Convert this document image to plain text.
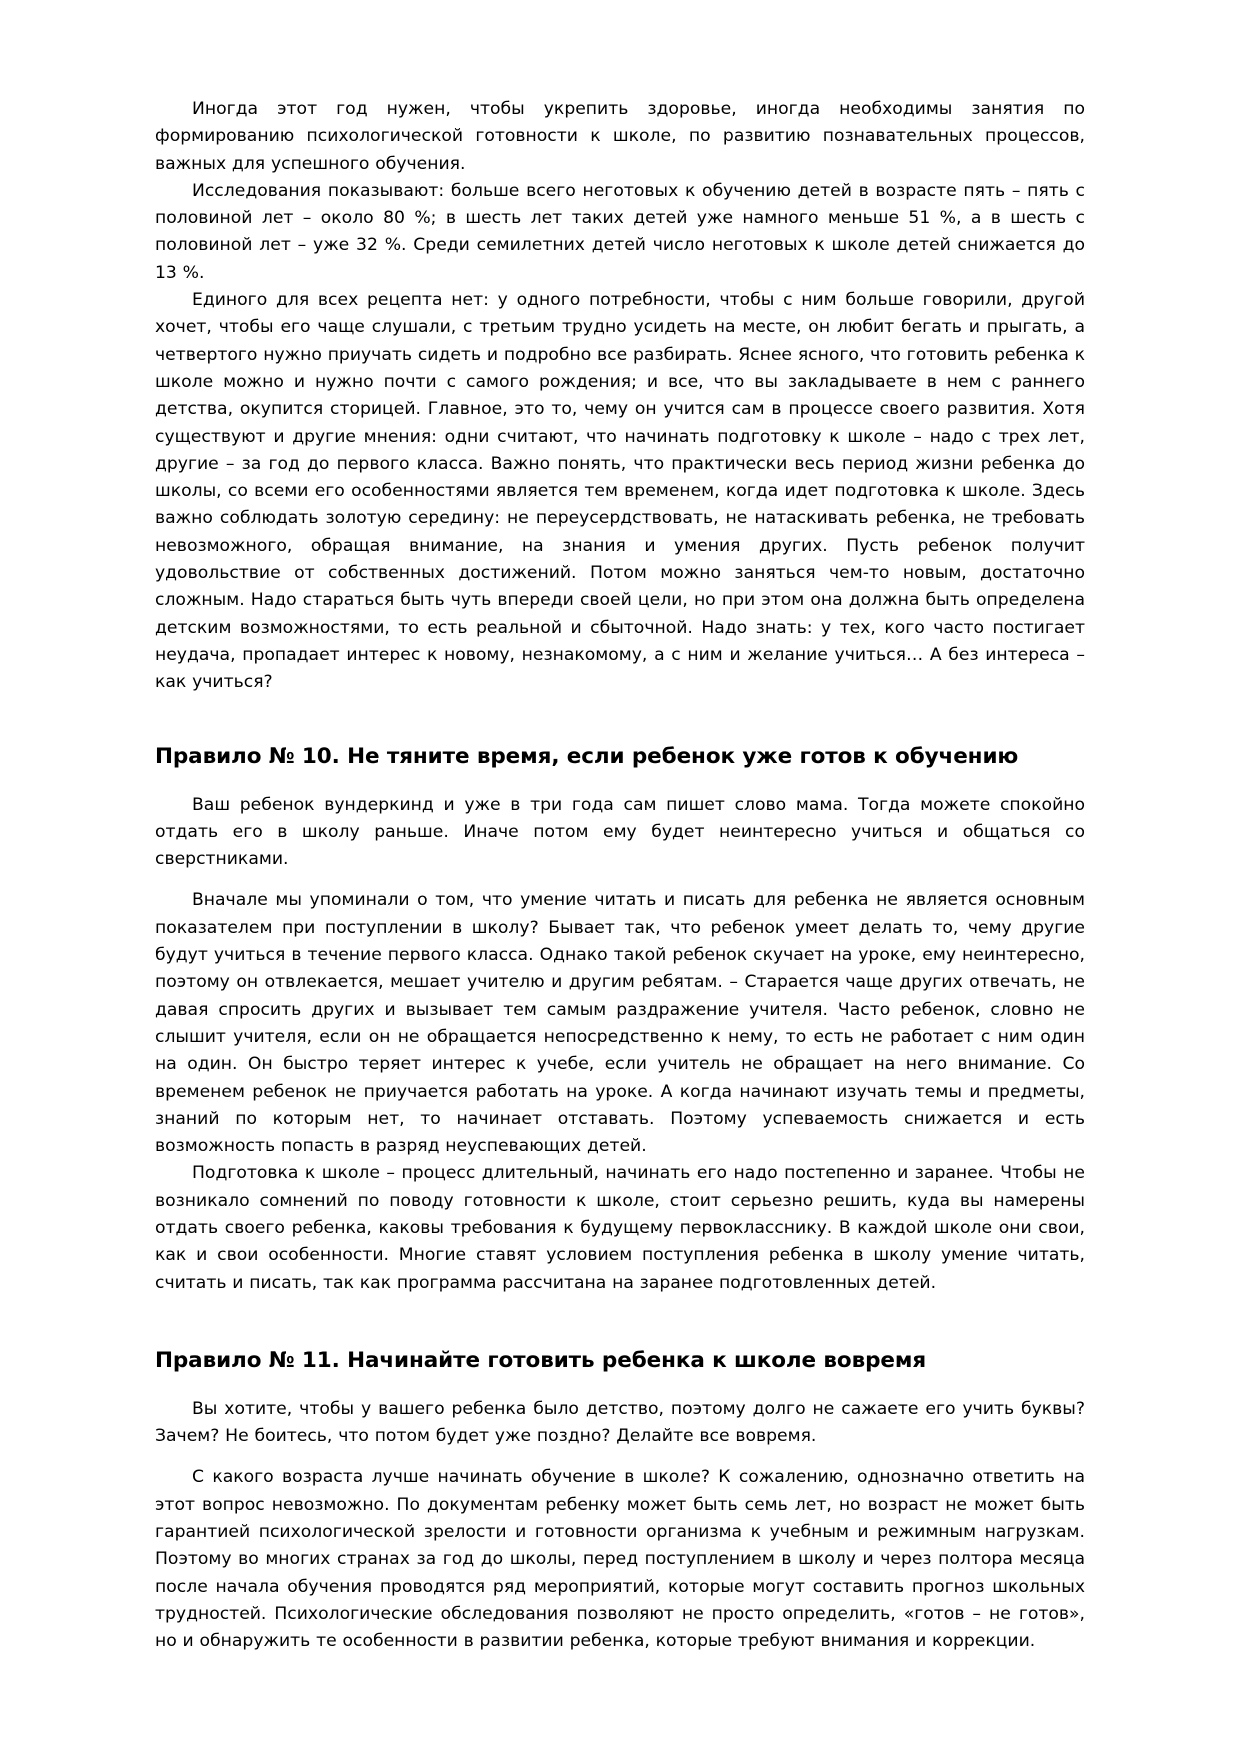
Иногда этот год нужен, чтобы укрепить здоровье, иногда необходимы занятия по формированию психологической готовности к школе, по развитию познавательных процессов, важных для успешного обучения.

Исследования показывают: больше всего неготовых к обучению детей в возрасте пять – пять с половиной лет – около 80 %; в шесть лет таких детей уже намного меньше 51 %, а в шесть с половиной лет – уже 32 %. Среди семилетних детей число неготовых к школе детей снижается до 13 %.

Единого для всех рецепта нет: у одного потребности, чтобы с ним больше говорили, другой хочет, чтобы его чаще слушали, с третьим трудно усидеть на месте, он любит бегать и прыгать, а четвертого нужно приучать сидеть и подробно все разбирать. Яснее ясного, что готовить ребенка к школе можно и нужно почти с самого рождения; и все, что вы закладываете в нем с раннего детства, окупится сторицей. Главное, это то, чему он учится сам в процессе своего развития. Хотя существуют и другие мнения: одни считают, что начинать подготовку к школе – надо с трех лет, другие – за год до первого класса. Важно понять, что практически весь период жизни ребенка до школы, со всеми его особенностями является тем временем, когда идет подготовка к школе. Здесь важно соблюдать золотую середину: не переусердствовать, не натаскивать ребенка, не требовать невозможного, обращая внимание, на знания и умения других. Пусть ребенок получит удовольствие от собственных достижений. Потом можно заняться чем-то новым, достаточно сложным. Надо стараться быть чуть впереди своей цели, но при этом она должна быть определена детским возможностями, то есть реальной и сбыточной. Надо знать: у тех, кого часто постигает неудача, пропадает интерес к новому, незнакомому, а с ним и желание учиться… А без интереса – как учиться?

Правило № 10. Не тяните время, если ребенок уже готов к обучению

Ваш ребенок вундеркинд и уже в три года сам пишет слово мама. Тогда можете спокойно отдать его в школу раньше. Иначе потом ему будет неинтересно учиться и общаться со сверстниками.

Вначале мы упоминали о том, что умение читать и писать для ребенка не является основным показателем при поступлении в школу? Бывает так, что ребенок умеет делать то, чему другие будут учиться в течение первого класса. Однако такой ребенок скучает на уроке, ему неинтересно, поэтому он отвлекается, мешает учителю и другим ребятам. – Старается чаще других отвечать, не давая спросить других и вызывает тем самым раздражение учителя. Часто ребенок, словно не слышит учителя, если он не обращается непосредственно к нему, то есть не работает с ним один на один. Он быстро теряет интерес к учебе, если учитель не обращает на него внимание. Со временем ребенок не приучается работать на уроке. А когда начинают изучать темы и предметы, знаний по которым нет, то начинает отставать. Поэтому успеваемость снижается и есть возможность попасть в разряд неуспевающих детей.

Подготовка к школе – процесс длительный, начинать его надо постепенно и заранее. Чтобы не возникало сомнений по поводу готовности к школе, стоит серьезно решить, куда вы намерены отдать своего ребенка, каковы требования к будущему первокласснику. В каждой школе они свои, как и свои особенности. Многие ставят условием поступления ребенка в школу умение читать, считать и писать, так как программа рассчитана на заранее подготовленных детей.

Правило № 11. Начинайте готовить ребенка к школе вовремя

Вы хотите, чтобы у вашего ребенка было детство, поэтому долго не сажаете его учить буквы? Зачем? Не боитесь, что потом будет уже поздно? Делайте все вовремя.

С какого возраста лучше начинать обучение в школе? К сожалению, однозначно ответить на этот вопрос невозможно. По документам ребенку может быть семь лет, но возраст не может быть гарантией психологической зрелости и готовности организма к учебным и режимным нагрузкам. Поэтому во многих странах за год до школы, перед поступлением в школу и через полтора месяца после начала обучения проводятся ряд мероприятий, которые могут составить прогноз школьных трудностей. Психологические обследования позволяют не просто определить, «готов – не готов», но и обнаружить те особенности в развитии ребенка, которые требуют внимания и коррекции.
